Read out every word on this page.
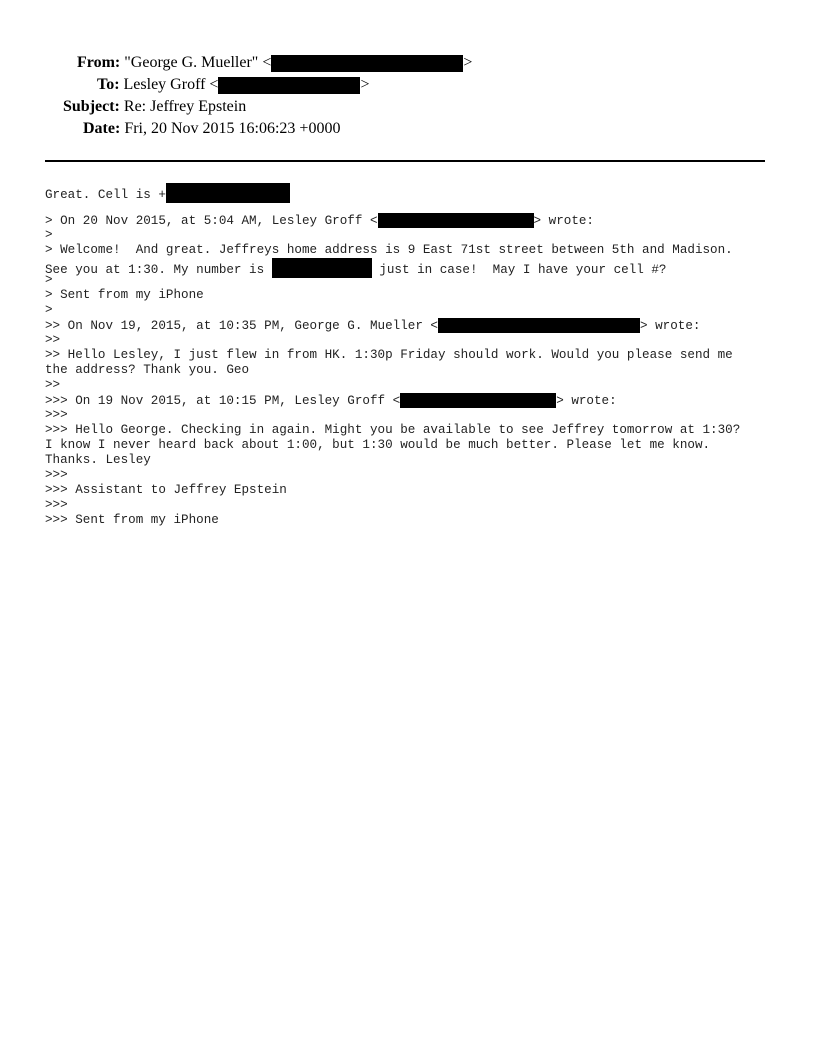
From: "George G. Mueller" <	>
To: Lesley Groff <	>
Subject: Re: Jeffrey Epstein
Date: Fri, 20 Nov 2015 16:06:23 +0000
Great. Cell is +
> On 20 Nov 2015, at 5:04 AM, Lesley Groff <	> wrote:
>
> Welcome!  And great. Jeffreys home address is 9 East 71st street between 5th and Madison.
See you at 1:30. My number is	just in case!  May I have your cell #?
>
> Sent from my iPhone
>
>> On Nov 19, 2015, at 10:35 PM, George G. Mueller <	> wrote:
>>
>> Hello Lesley, I just flew in from HK. 1:30p Friday should work. Would you please send me
the address? Thank you. Geo
>>
>>> On 19 Nov 2015, at 10:15 PM, Lesley Groff <	> wrote:
>>>
>>> Hello George. Checking in again. Might you be available to see Jeffrey tomorrow at 1:30?
I know I never heard back about 1:00, but 1:30 would be much better. Please let me know.
Thanks. Lesley
>>>
>>> Assistant to Jeffrey Epstein
>>>
>>> Sent from my iPhone
